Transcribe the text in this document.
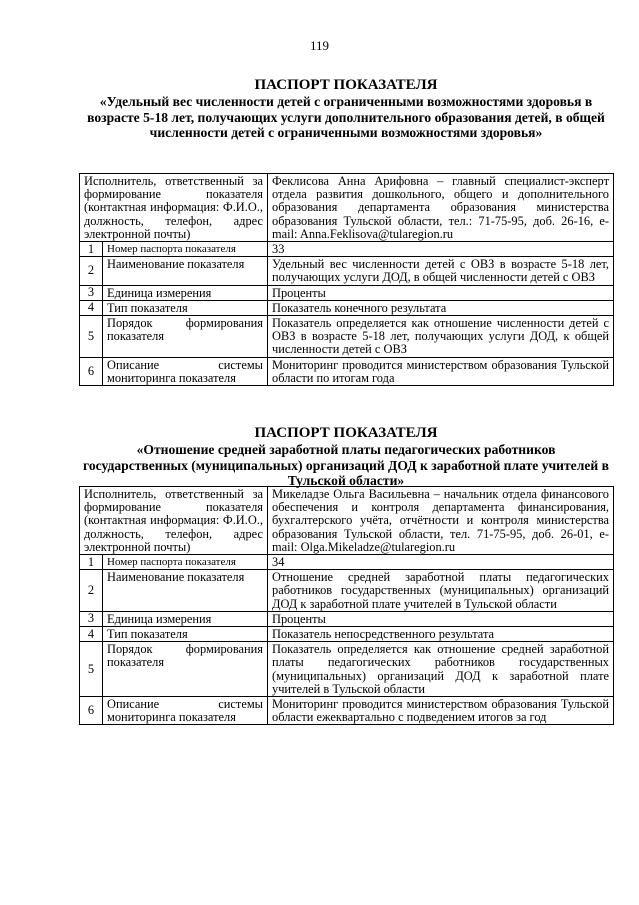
119
ПАСПОРТ ПОКАЗАТЕЛЯ
«Удельный вес численности детей с ограниченными возможностями здоровья в возрасте 5-18 лет, получающих услуги дополнительного образования детей, в общей численности детей с ограниченными возможностями здоровья»
Исполнитель, ответственный за формирование показателя (контактная информация: Ф.И.О., должность, телефон, адрес электронной почты)		Феклисова Анна Арифовна – главный специалист-эксперт отдела развития дошкольного, общего и дополнительного образования департамента образования министерства образования Тульской области, тел.: 71-75-95, доб. 26-16, e-mail: Anna.Feklisova@tularegion.ru
1	Номер паспорта показателя	33
2	Наименование показателя	Удельный вес численности детей с ОВЗ в возрасте 5-18 лет, получающих услуги ДОД, в общей численности детей с ОВЗ
3	Единица измерения	Проценты
4	Тип показателя	Показатель конечного результата
5	Порядок формирования показателя	Показатель определяется как отношение численности детей с ОВЗ в возрасте 5-18 лет, получающих услуги ДОД, к общей численности детей с ОВЗ
6	Описание системы мониторинга показателя	Мониторинг проводится министерством образования Тульской области по итогам года
ПАСПОРТ ПОКАЗАТЕЛЯ
«Отношение средней заработной платы педагогических работников государственных (муниципальных) организаций ДОД к заработной плате учителей в Тульской области»
Исполнитель, ответственный за формирование показателя (контактная информация: Ф.И.О., должность, телефон, адрес электронной почты)		Микеладзе Ольга Васильевна – начальник отдела финансового обеспечения и контроля департамента финансирования, бухгалтерского учёта, отчётности и контроля министерства образования Тульской области, тел. 71-75-95, доб. 26-01, e-mail: Olga.Mikeladze@tularegion.ru
1	Номер паспорта показателя	34
2	Наименование показателя	Отношение средней заработной платы педагогических работников государственных (муниципальных) организаций ДОД к заработной плате учителей в Тульской области
3	Единица измерения	Проценты
4	Тип показателя	Показатель непосредственного результата
5	Порядок формирования показателя	Показатель определяется как отношение средней заработной платы педагогических работников государственных (муниципальных) организаций ДОД к заработной плате учителей в Тульской области
6	Описание системы мониторинга показателя	Мониторинг проводится министерством образования Тульской области ежеквартально с подведением итогов за год
